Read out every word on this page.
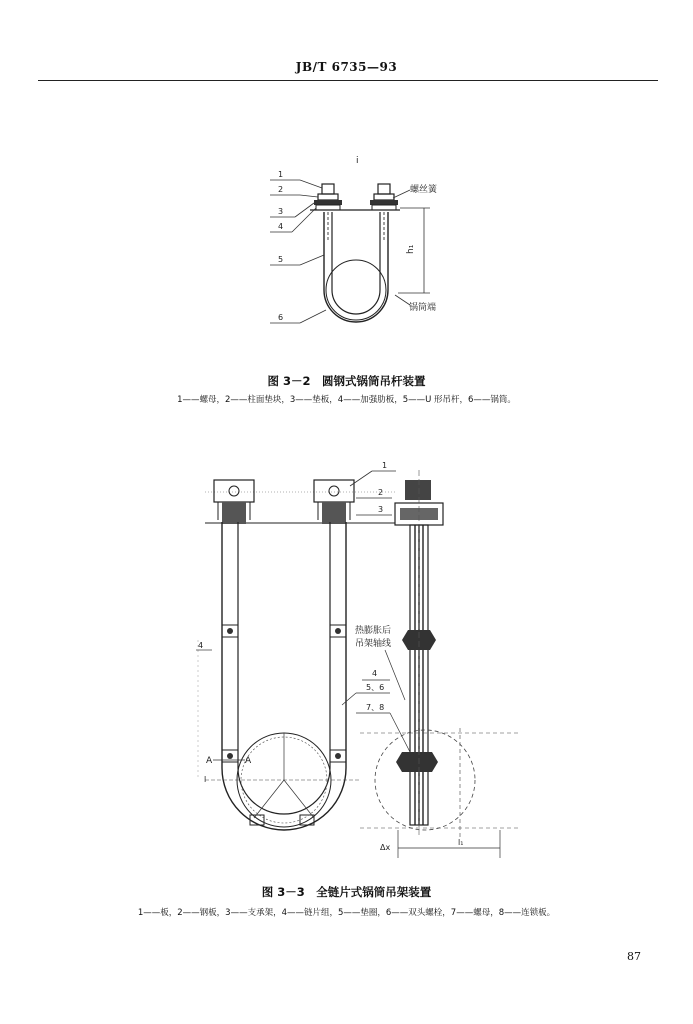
JB/T 6735—93
i
h₁
螺丝簧
锅筒端
1
2
3
4
5
6
A	A
l
Δx
l₁
1
2
3
4
4
5、6
7、8
热膨胀后
吊架轴线
图 3－2　圆钢式锅筒吊杆装置
1——螺母，2——柱面垫块，3——垫板，4——加强肋板，5——U 形吊杆，6——锅筒。
图 3－3　全链片式锅筒吊架装置
1——板，2——钢板，3——支承架，4——链片组，5——垫圈，6——双头螺栓，7——螺母，8——连锁板。
87
